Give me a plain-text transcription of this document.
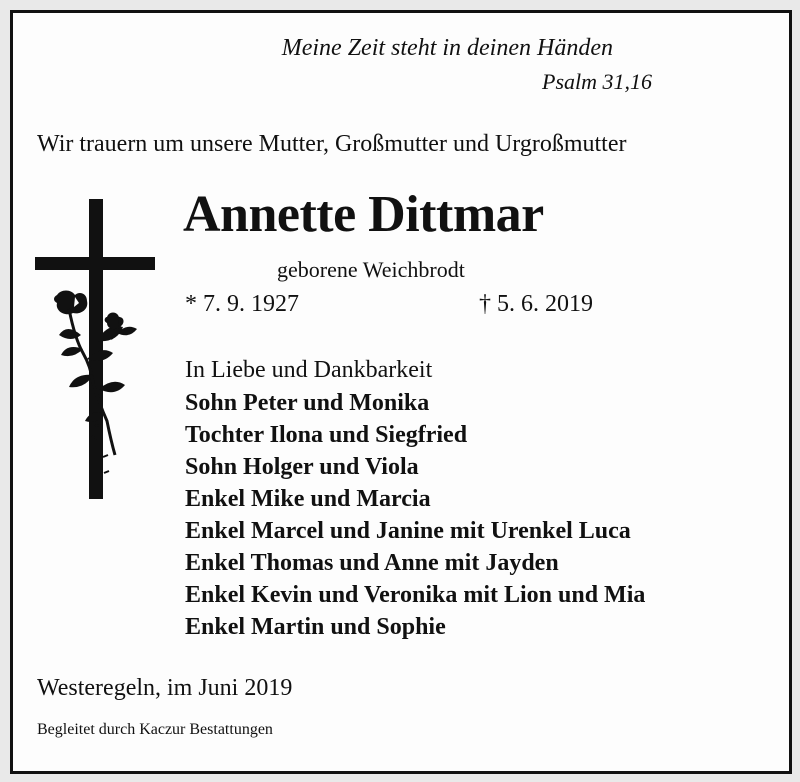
Meine Zeit steht in deinen Händen
Psalm 31,16
Wir trauern um unsere Mutter, Großmutter und Urgroßmutter
Annette Dittmar
geborene Weichbrodt
* 7. 9. 1927	† 5. 6. 2019
In Liebe und Dankbarkeit
Sohn Peter und Monika
Tochter Ilona und Siegfried
Sohn Holger und Viola
Enkel Mike und Marcia
Enkel Marcel und Janine mit Urenkel Luca
Enkel Thomas und Anne mit Jayden
Enkel Kevin und Veronika mit Lion und Mia
Enkel Martin und Sophie
Westeregeln, im Juni 2019
Begleitet durch Kaczur Bestattungen
